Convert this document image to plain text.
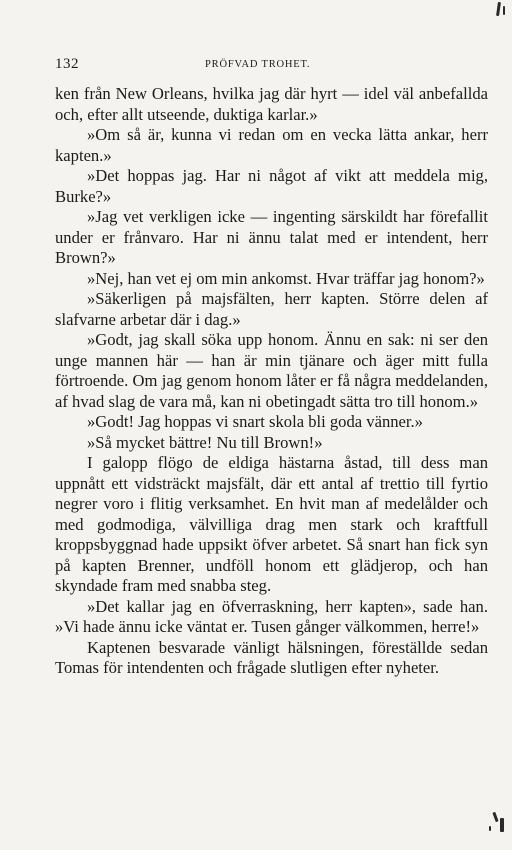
132	PRÖFVAD TROHET.

ken från New Orleans, hvilka jag där hyrt — idel väl anbefallda och, efter allt utseende, duktiga karlar.»

»Om så är, kunna vi redan om en vecka lätta ankar, herr kapten.»

»Det hoppas jag. Har ni något af vikt att meddela mig, Burke?»

»Jag vet verkligen icke — ingenting särskildt har förefallit under er frånvaro. Har ni ännu talat med er intendent, herr Brown?»

»Nej, han vet ej om min ankomst. Hvar träffar jag honom?»

»Säkerligen på majsfälten, herr kapten. Större delen af slafvarne arbetar där i dag.»

»Godt, jag skall söka upp honom. Ännu en sak: ni ser den unge mannen här — han är min tjänare och äger mitt fulla förtroende. Om jag genom honom låter er få några meddelanden, af hvad slag de vara må, kan ni obetingadt sätta tro till honom.»

»Godt! Jag hoppas vi snart skola bli goda vänner.»

»Så mycket bättre! Nu till Brown!»

I galopp flögo de eldiga hästarna åstad, till dess man uppnått ett vidsträckt majsfält, där ett antal af trettio till fyrtio negrer voro i flitig verksamhet. En hvit man af medelålder och med godmodiga, välvilliga drag men stark och kraftfull kroppsbyggnad hade uppsikt öfver arbetet. Så snart han fick syn på kapten Brenner, undföll honom ett glädjerop, och han skyndade fram med snabba steg.

»Det kallar jag en öfverraskning, herr kapten», sade han. »Vi hade ännu icke väntat er. Tusen gånger välkommen, herre!»

Kaptenen besvarade vänligt hälsningen, föreställde sedan Tomas för intendenten och frågade slutligen efter nyheter.
